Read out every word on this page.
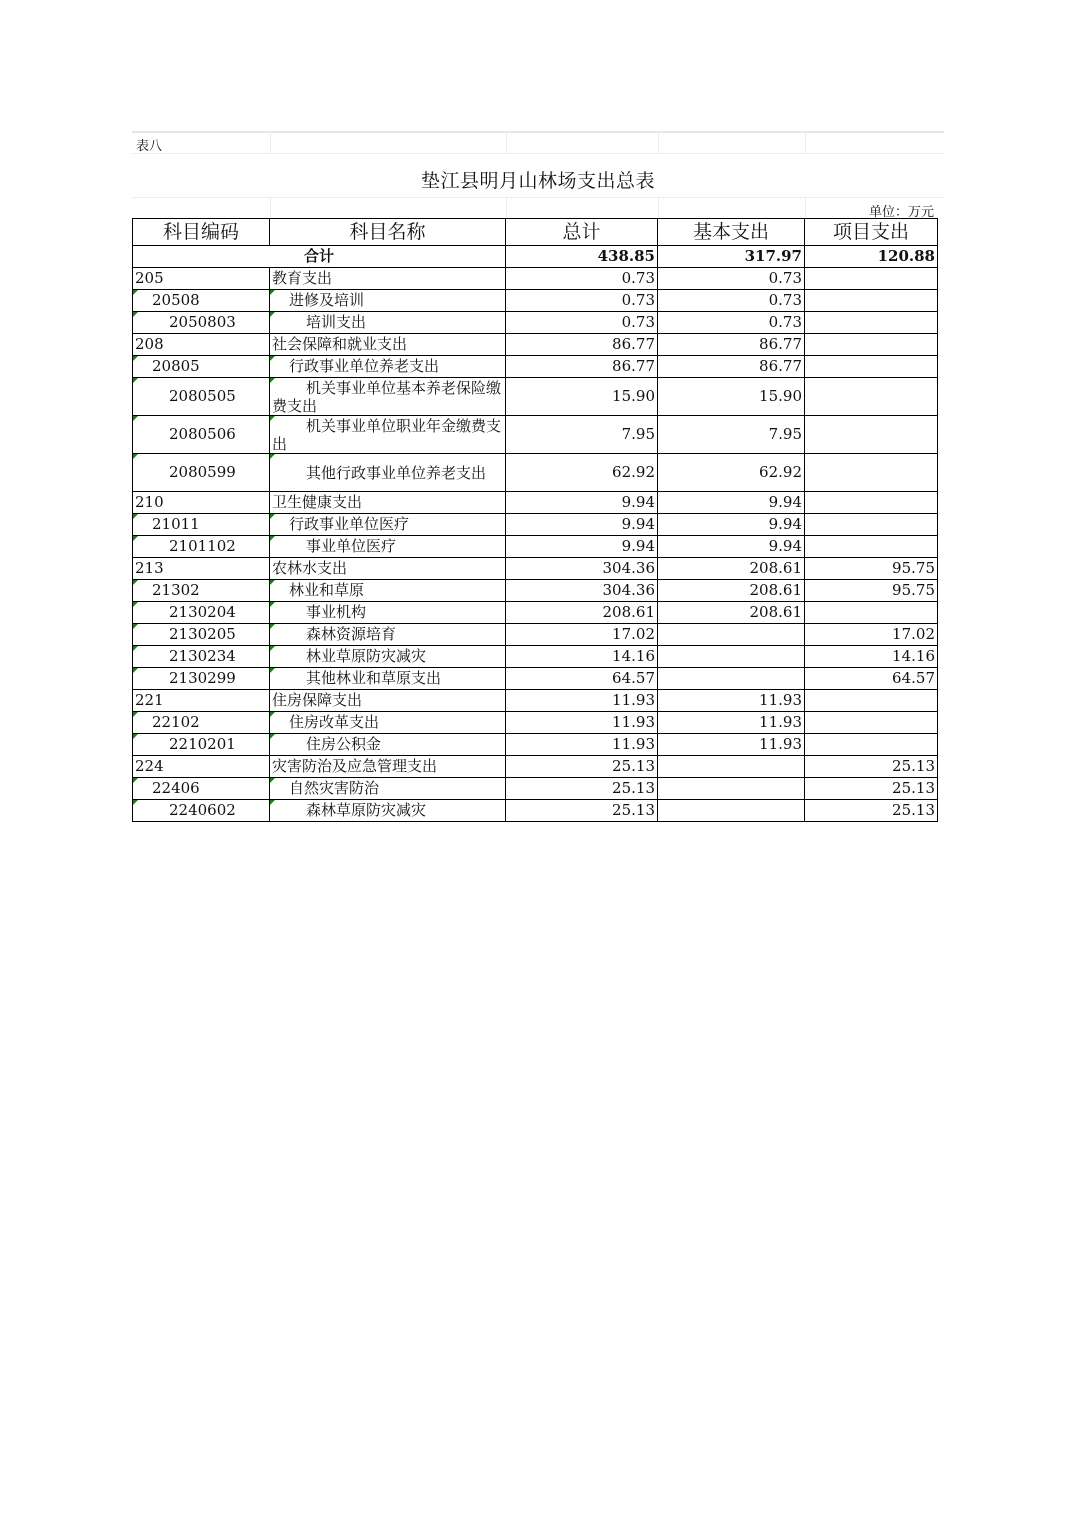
表八
垫江县明月山林场支出总表
单位：万元
科目编码	科目名称	总计	基本支出	项目支出
合计		438.85	317.97	120.88
205	教育支出	0.73	0.73	
20508	进修及培训	0.73	0.73	
2050803	培训支出	0.73	0.73	
208	社会保障和就业支出	86.77	86.77	
20805	行政事业单位养老支出	86.77	86.77	
2080505	机关事业单位基本养老保险缴费支出	15.90	15.90	
2080506	机关事业单位职业年金缴费支出	7.95	7.95	
2080599	其他行政事业单位养老支出	62.92	62.92	
210	卫生健康支出	9.94	9.94	
21011	行政事业单位医疗	9.94	9.94	
2101102	事业单位医疗	9.94	9.94	
213	农林水支出	304.36	208.61	95.75
21302	林业和草原	304.36	208.61	95.75
2130204	事业机构	208.61	208.61	
2130205	森林资源培育	17.02		17.02
2130234	林业草原防灾减灾	14.16		14.16
2130299	其他林业和草原支出	64.57		64.57
221	住房保障支出	11.93	11.93	
22102	住房改革支出	11.93	11.93	
2210201	住房公积金	11.93	11.93	
224	灾害防治及应急管理支出	25.13		25.13
22406	自然灾害防治	25.13		25.13
2240602	森林草原防灾减灾	25.13		25.13
